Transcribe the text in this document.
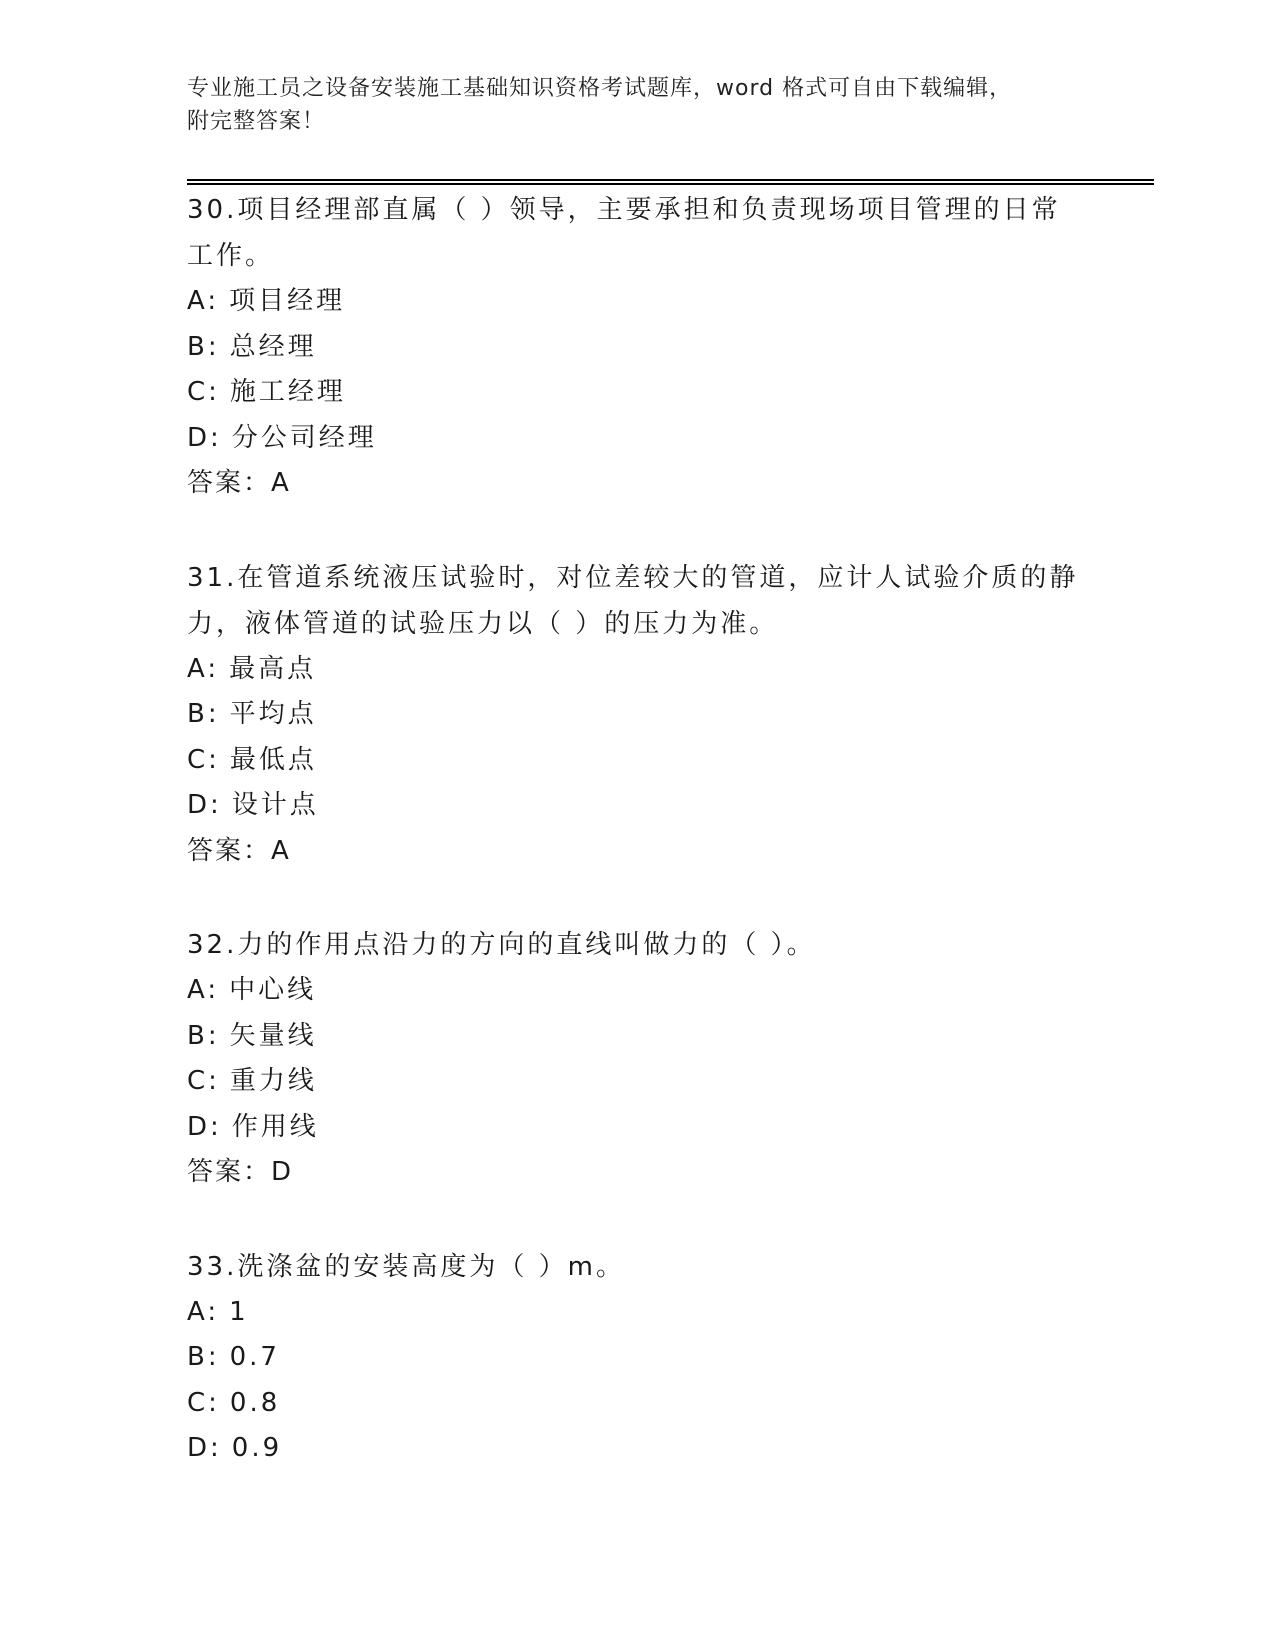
专业施工员之设备安装施工基础知识资格考试题库，word 格式可自由下载编辑，
附完整答案！

30.项目经理部直属（ ）领导，主要承担和负责现场项目管理的日常
工作。

A: 项目经理

B: 总经理

C: 施工经理

D: 分公司经理

答案：A

31.在管道系统液压试验时，对位差较大的管道，应计人试验介质的静
力，液体管道的试验压力以（ ）的压力为准。

A: 最高点

B: 平均点

C: 最低点

D: 设计点

答案：A

32.力的作用点沿力的方向的直线叫做力的（ ）。

A: 中心线

B: 矢量线

C: 重力线

D: 作用线

答案：D

33.洗涤盆的安装高度为（ ）m。

A: 1

B: 0.7

C: 0.8

D: 0.9
